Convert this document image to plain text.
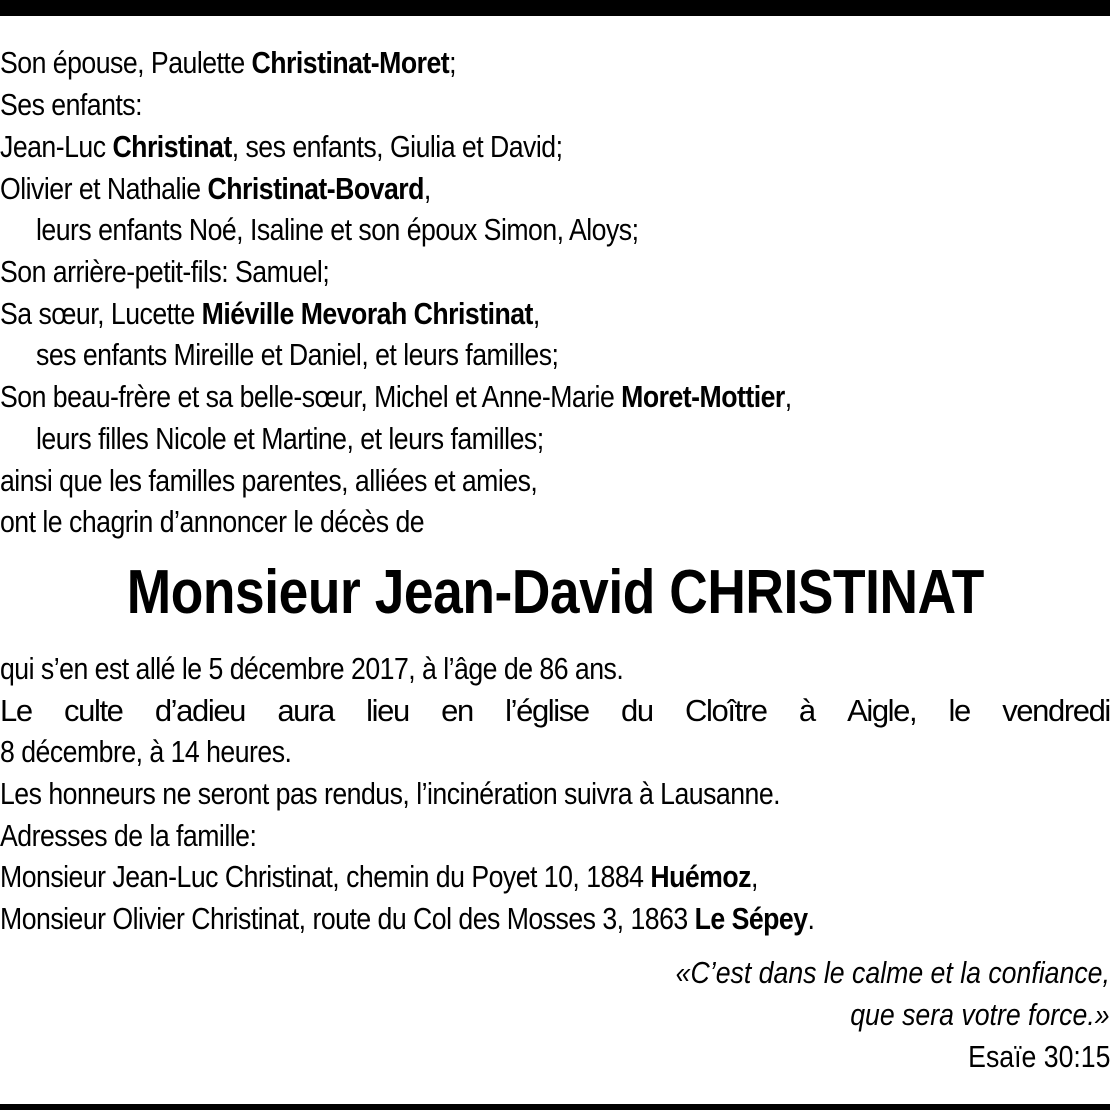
Son épouse, Paulette Christinat-Moret;
Ses enfants:
Jean-Luc Christinat, ses enfants, Giulia et David;
Olivier et Nathalie Christinat-Bovard,
leurs enfants Noé, Isaline et son époux Simon, Aloys;
Son arrière-petit-fils: Samuel;
Sa sœur, Lucette Miéville Mevorah Christinat,
ses enfants Mireille et Daniel, et leurs familles;
Son beau-frère et sa belle-sœur, Michel et Anne-Marie Moret-Mottier,
leurs filles Nicole et Martine, et leurs familles;
ainsi que les familles parentes, alliées et amies,
ont le chagrin d’annoncer le décès de
Monsieur Jean-David CHRISTINAT
qui s’en est allé le 5 décembre 2017, à l’âge de 86 ans.
Le culte d’adieu aura lieu en l’église du Cloître à Aigle, le vendredi
8 décembre, à 14 heures.
Les honneurs ne seront pas rendus, l’incinération suivra à Lausanne.
Adresses de la famille:
Monsieur Jean-Luc Christinat, chemin du Poyet 10, 1884 Huémoz,
Monsieur Olivier Christinat, route du Col des Mosses 3, 1863 Le Sépey.
«C’est dans le calme et la confiance,
que sera votre force.»
Esaïe 30:15
